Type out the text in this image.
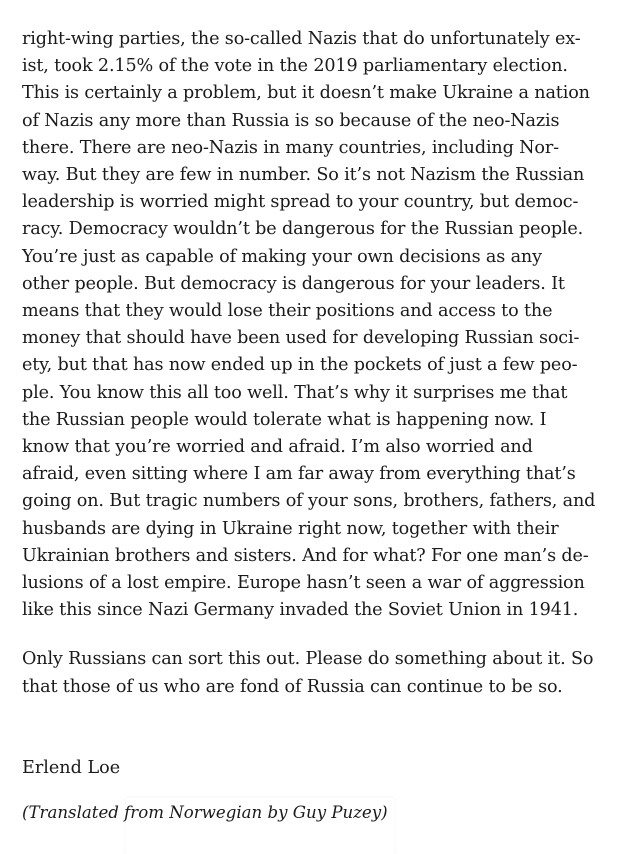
right-wing parties, the so-called Nazis that do unfortunately ex-
ist, took 2.15% of the vote in the 2019 parliamentary election.
This is certainly a problem, but it doesn’t make Ukraine a nation
of Nazis any more than Russia is so because of the neo-Nazis
there. There are neo-Nazis in many countries, including Nor-
way. But they are few in number. So it’s not Nazism the Russian
leadership is worried might spread to your country, but democ-
racy. Democracy wouldn’t be dangerous for the Russian people.
You’re just as capable of making your own decisions as any
other people. But democracy is dangerous for your leaders. It
means that they would lose their positions and access to the
money that should have been used for developing Russian soci-
ety, but that has now ended up in the pockets of just a few peo-
ple. You know this all too well. That’s why it surprises me that
the Russian people would tolerate what is happening now. I
know that you’re worried and afraid. I’m also worried and
afraid, even sitting where I am far away from everything that’s
going on. But tragic numbers of your sons, brothers, fathers, and
husbands are dying in Ukraine right now, together with their
Ukrainian brothers and sisters. And for what? For one man’s de-
lusions of a lost empire. Europe hasn’t seen a war of aggression
like this since Nazi Germany invaded the Soviet Union in 1941.
Only Russians can sort this out. Please do something about it. So
that those of us who are fond of Russia can continue to be so.
Erlend Loe
(Translated from Norwegian by Guy Puzey)
